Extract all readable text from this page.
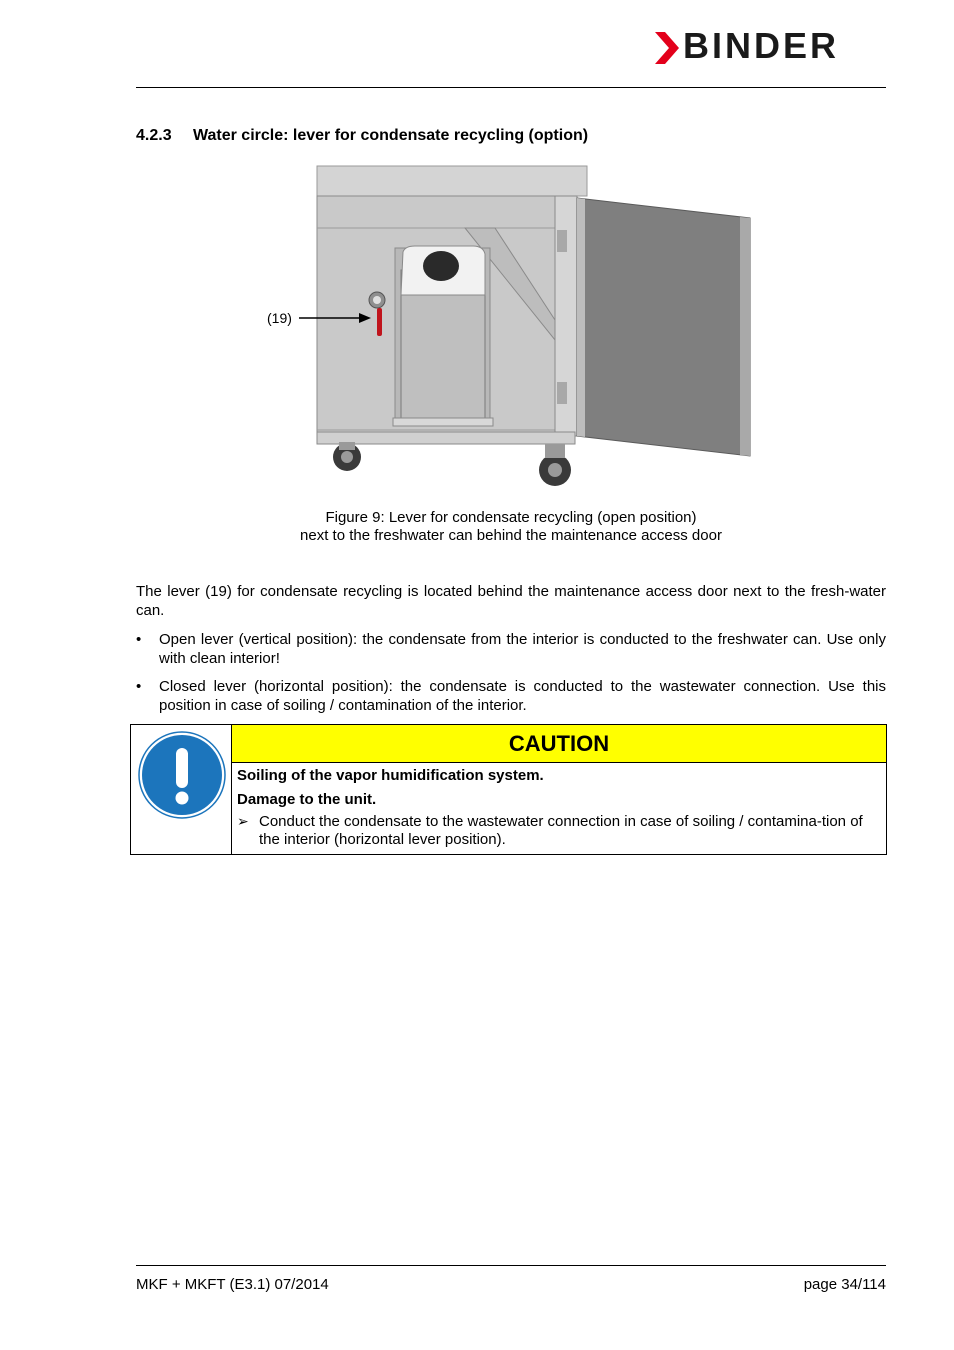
BINDER
4.2.3 Water circle: lever for condensate recycling (option)
(19)
Figure 9: Lever for condensate recycling (open position)
next to the freshwater can behind the maintenance access door
The lever (19) for condensate recycling is located behind the maintenance access door next to the fresh-water can.
•	Open lever (vertical position): the condensate from the interior is conducted to the freshwater can. Use only with clean interior!
•	Closed lever (horizontal position): the condensate is conducted to the wastewater connection. Use this position in case of soiling / contamination of the interior.
CAUTION
Soiling of the vapor humidification system.
Damage to the unit.
➢ Conduct the condensate to the wastewater connection in case of soiling / contamina-tion of the interior (horizontal lever position).
MKF + MKFT (E3.1) 07/2014	page 34/114
